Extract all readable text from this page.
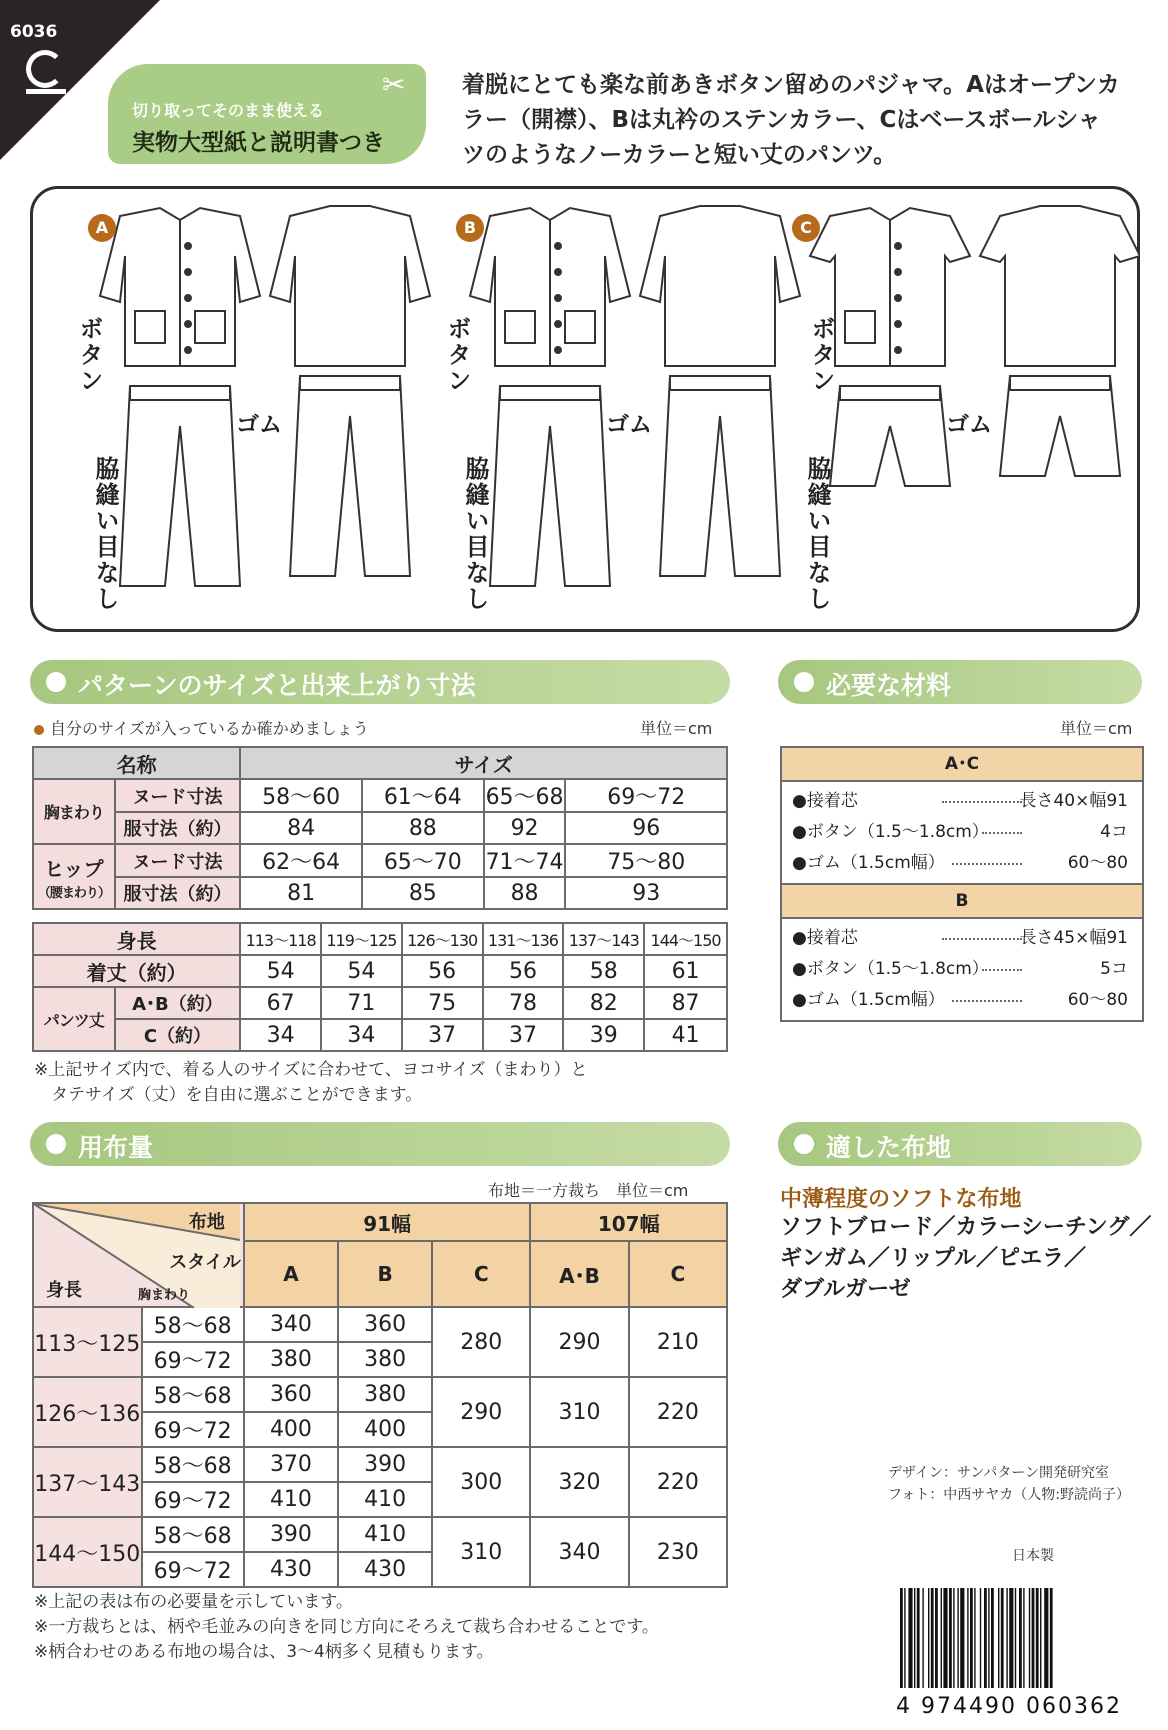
6036
切り取ってそのまま使える
実物大型紙と説明書つき
✂ 着脱にとても楽な前あきボタン留めのパジャマ。Aはオープンカ
ラー（開襟）、Bは丸衿のステンカラー、Cはベースボールシャ
ツのようなノーカラーと短い丈のパンツ。
A	B	C
ボタン	ボタン	ボタン
ゴム	ゴム	ゴム
脇縫い目なし	脇縫い目なし	脇縫い目なし
パターンのサイズと出来上がり寸法
自分のサイズが入っているか確かめましょう	単位＝cm
名称		サイズ			
胸まわり	ヌード寸法	58〜60	61〜64	65〜68	69〜72
	服寸法（約）	84	88	92	96

ヒップ
（腰まわり）	ヌード寸法	62〜64	65〜70	71〜74	75〜80
	服寸法（約）	81	85	88	93
身長		113〜118	119〜125	126〜130	131〜136	137〜143	144〜150
着丈（約）		54	54	56	56	58	61
パンツ丈	A･B（約）	67	71	75	78	82	87
	C（約）	34	34	37	37	39	41
※上記サイズ内で、着る人のサイズに合わせて、ヨコサイズ（まわり）と
　タテサイズ（丈）を自由に選ぶことができます。
必要な材料
単位＝cm
A･C
●接着芯	長さ40×幅91
●ボタン（1.5〜1.8cm）	4コ
●ゴム（1.5cm幅）	60〜80
B
●接着芯	長さ45×幅91
●ボタン（1.5〜1.8cm）	5コ
●ゴム（1.5cm幅）	60〜80
用布量
布地＝一方裁ち　単位＝cm
布地
スタイル
身長 胸まわり		91幅			107幅	
		A	B	C	A･B	C
113〜125	58〜68	340	360	280	290	210
	69〜72	380	380			
126〜136	58〜68	360	380	290	310	220
	69〜72	400	400			
137〜143	58〜68	370	390	300	320	220
	69〜72	410	410			
144〜150	58〜68	390	410	310	340	230
	69〜72	430	430			
※上記の表は布の必要量を示しています。
※一方裁ちとは、柄や毛並みの向きを同じ方向にそろえて裁ち合わせることです。
※柄合わせのある布地の場合は、3〜4柄多く見積もります。
適した布地
中薄程度のソフトな布地
ソフトブロード／カラーシーチング／
ギンガム／リップル／ピエラ／
ダブルガーゼ
デザイン：サンパターン開発研究室
フォト：中西サヤカ（人物:野読尚子）
日本製
4 974490 060362
